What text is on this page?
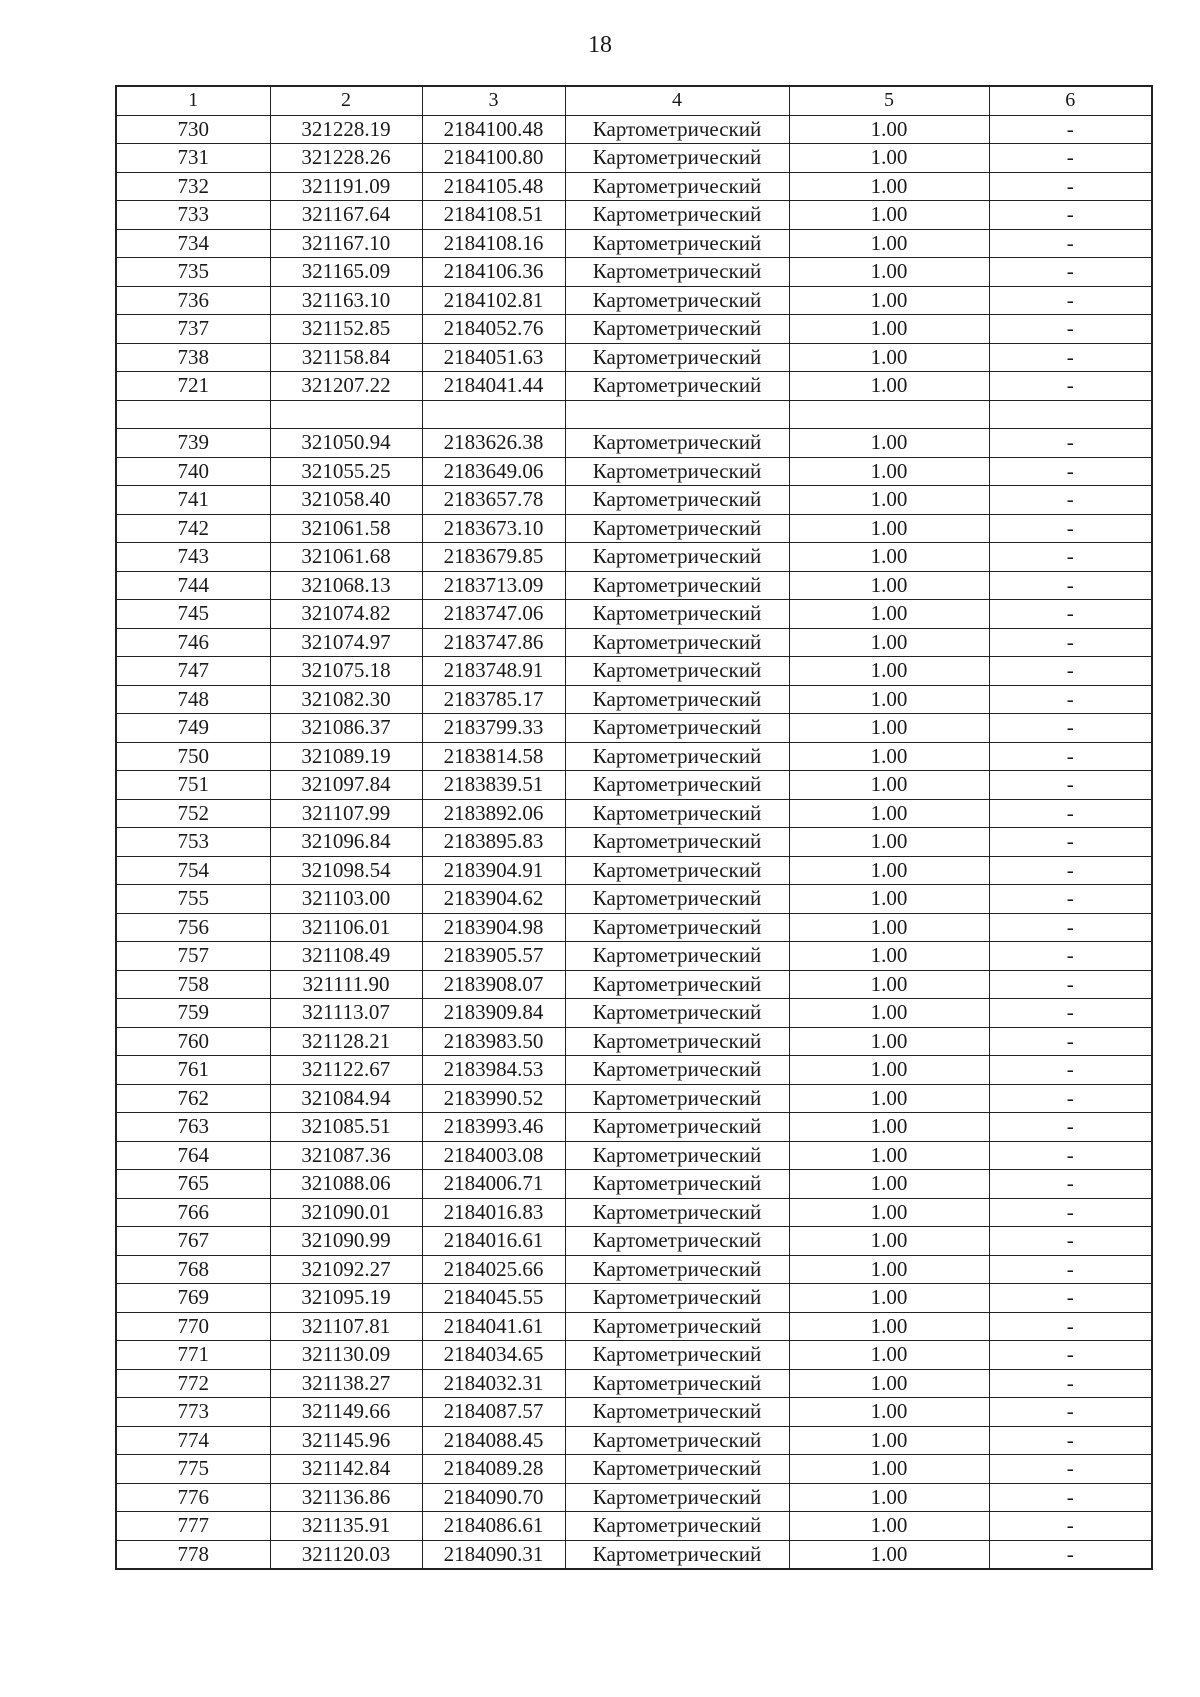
18
1	2	3	4	5	6
730	321228.19	2184100.48	Картометрический	1.00	-
731	321228.26	2184100.80	Картометрический	1.00	-
732	321191.09	2184105.48	Картометрический	1.00	-
733	321167.64	2184108.51	Картометрический	1.00	-
734	321167.10	2184108.16	Картометрический	1.00	-
735	321165.09	2184106.36	Картометрический	1.00	-
736	321163.10	2184102.81	Картометрический	1.00	-
737	321152.85	2184052.76	Картометрический	1.00	-
738	321158.84	2184051.63	Картометрический	1.00	-
721	321207.22	2184041.44	Картометрический	1.00	-

739	321050.94	2183626.38	Картометрический	1.00	-
740	321055.25	2183649.06	Картометрический	1.00	-
741	321058.40	2183657.78	Картометрический	1.00	-
742	321061.58	2183673.10	Картометрический	1.00	-
743	321061.68	2183679.85	Картометрический	1.00	-
744	321068.13	2183713.09	Картометрический	1.00	-
745	321074.82	2183747.06	Картометрический	1.00	-
746	321074.97	2183747.86	Картометрический	1.00	-
747	321075.18	2183748.91	Картометрический	1.00	-
748	321082.30	2183785.17	Картометрический	1.00	-
749	321086.37	2183799.33	Картометрический	1.00	-
750	321089.19	2183814.58	Картометрический	1.00	-
751	321097.84	2183839.51	Картометрический	1.00	-
752	321107.99	2183892.06	Картометрический	1.00	-
753	321096.84	2183895.83	Картометрический	1.00	-
754	321098.54	2183904.91	Картометрический	1.00	-
755	321103.00	2183904.62	Картометрический	1.00	-
756	321106.01	2183904.98	Картометрический	1.00	-
757	321108.49	2183905.57	Картометрический	1.00	-
758	321111.90	2183908.07	Картометрический	1.00	-
759	321113.07	2183909.84	Картометрический	1.00	-
760	321128.21	2183983.50	Картометрический	1.00	-
761	321122.67	2183984.53	Картометрический	1.00	-
762	321084.94	2183990.52	Картометрический	1.00	-
763	321085.51	2183993.46	Картометрический	1.00	-
764	321087.36	2184003.08	Картометрический	1.00	-
765	321088.06	2184006.71	Картометрический	1.00	-
766	321090.01	2184016.83	Картометрический	1.00	-
767	321090.99	2184016.61	Картометрический	1.00	-
768	321092.27	2184025.66	Картометрический	1.00	-
769	321095.19	2184045.55	Картометрический	1.00	-
770	321107.81	2184041.61	Картометрический	1.00	-
771	321130.09	2184034.65	Картометрический	1.00	-
772	321138.27	2184032.31	Картометрический	1.00	-
773	321149.66	2184087.57	Картометрический	1.00	-
774	321145.96	2184088.45	Картометрический	1.00	-
775	321142.84	2184089.28	Картометрический	1.00	-
776	321136.86	2184090.70	Картометрический	1.00	-
777	321135.91	2184086.61	Картометрический	1.00	-
778	321120.03	2184090.31	Картометрический	1.00	-
